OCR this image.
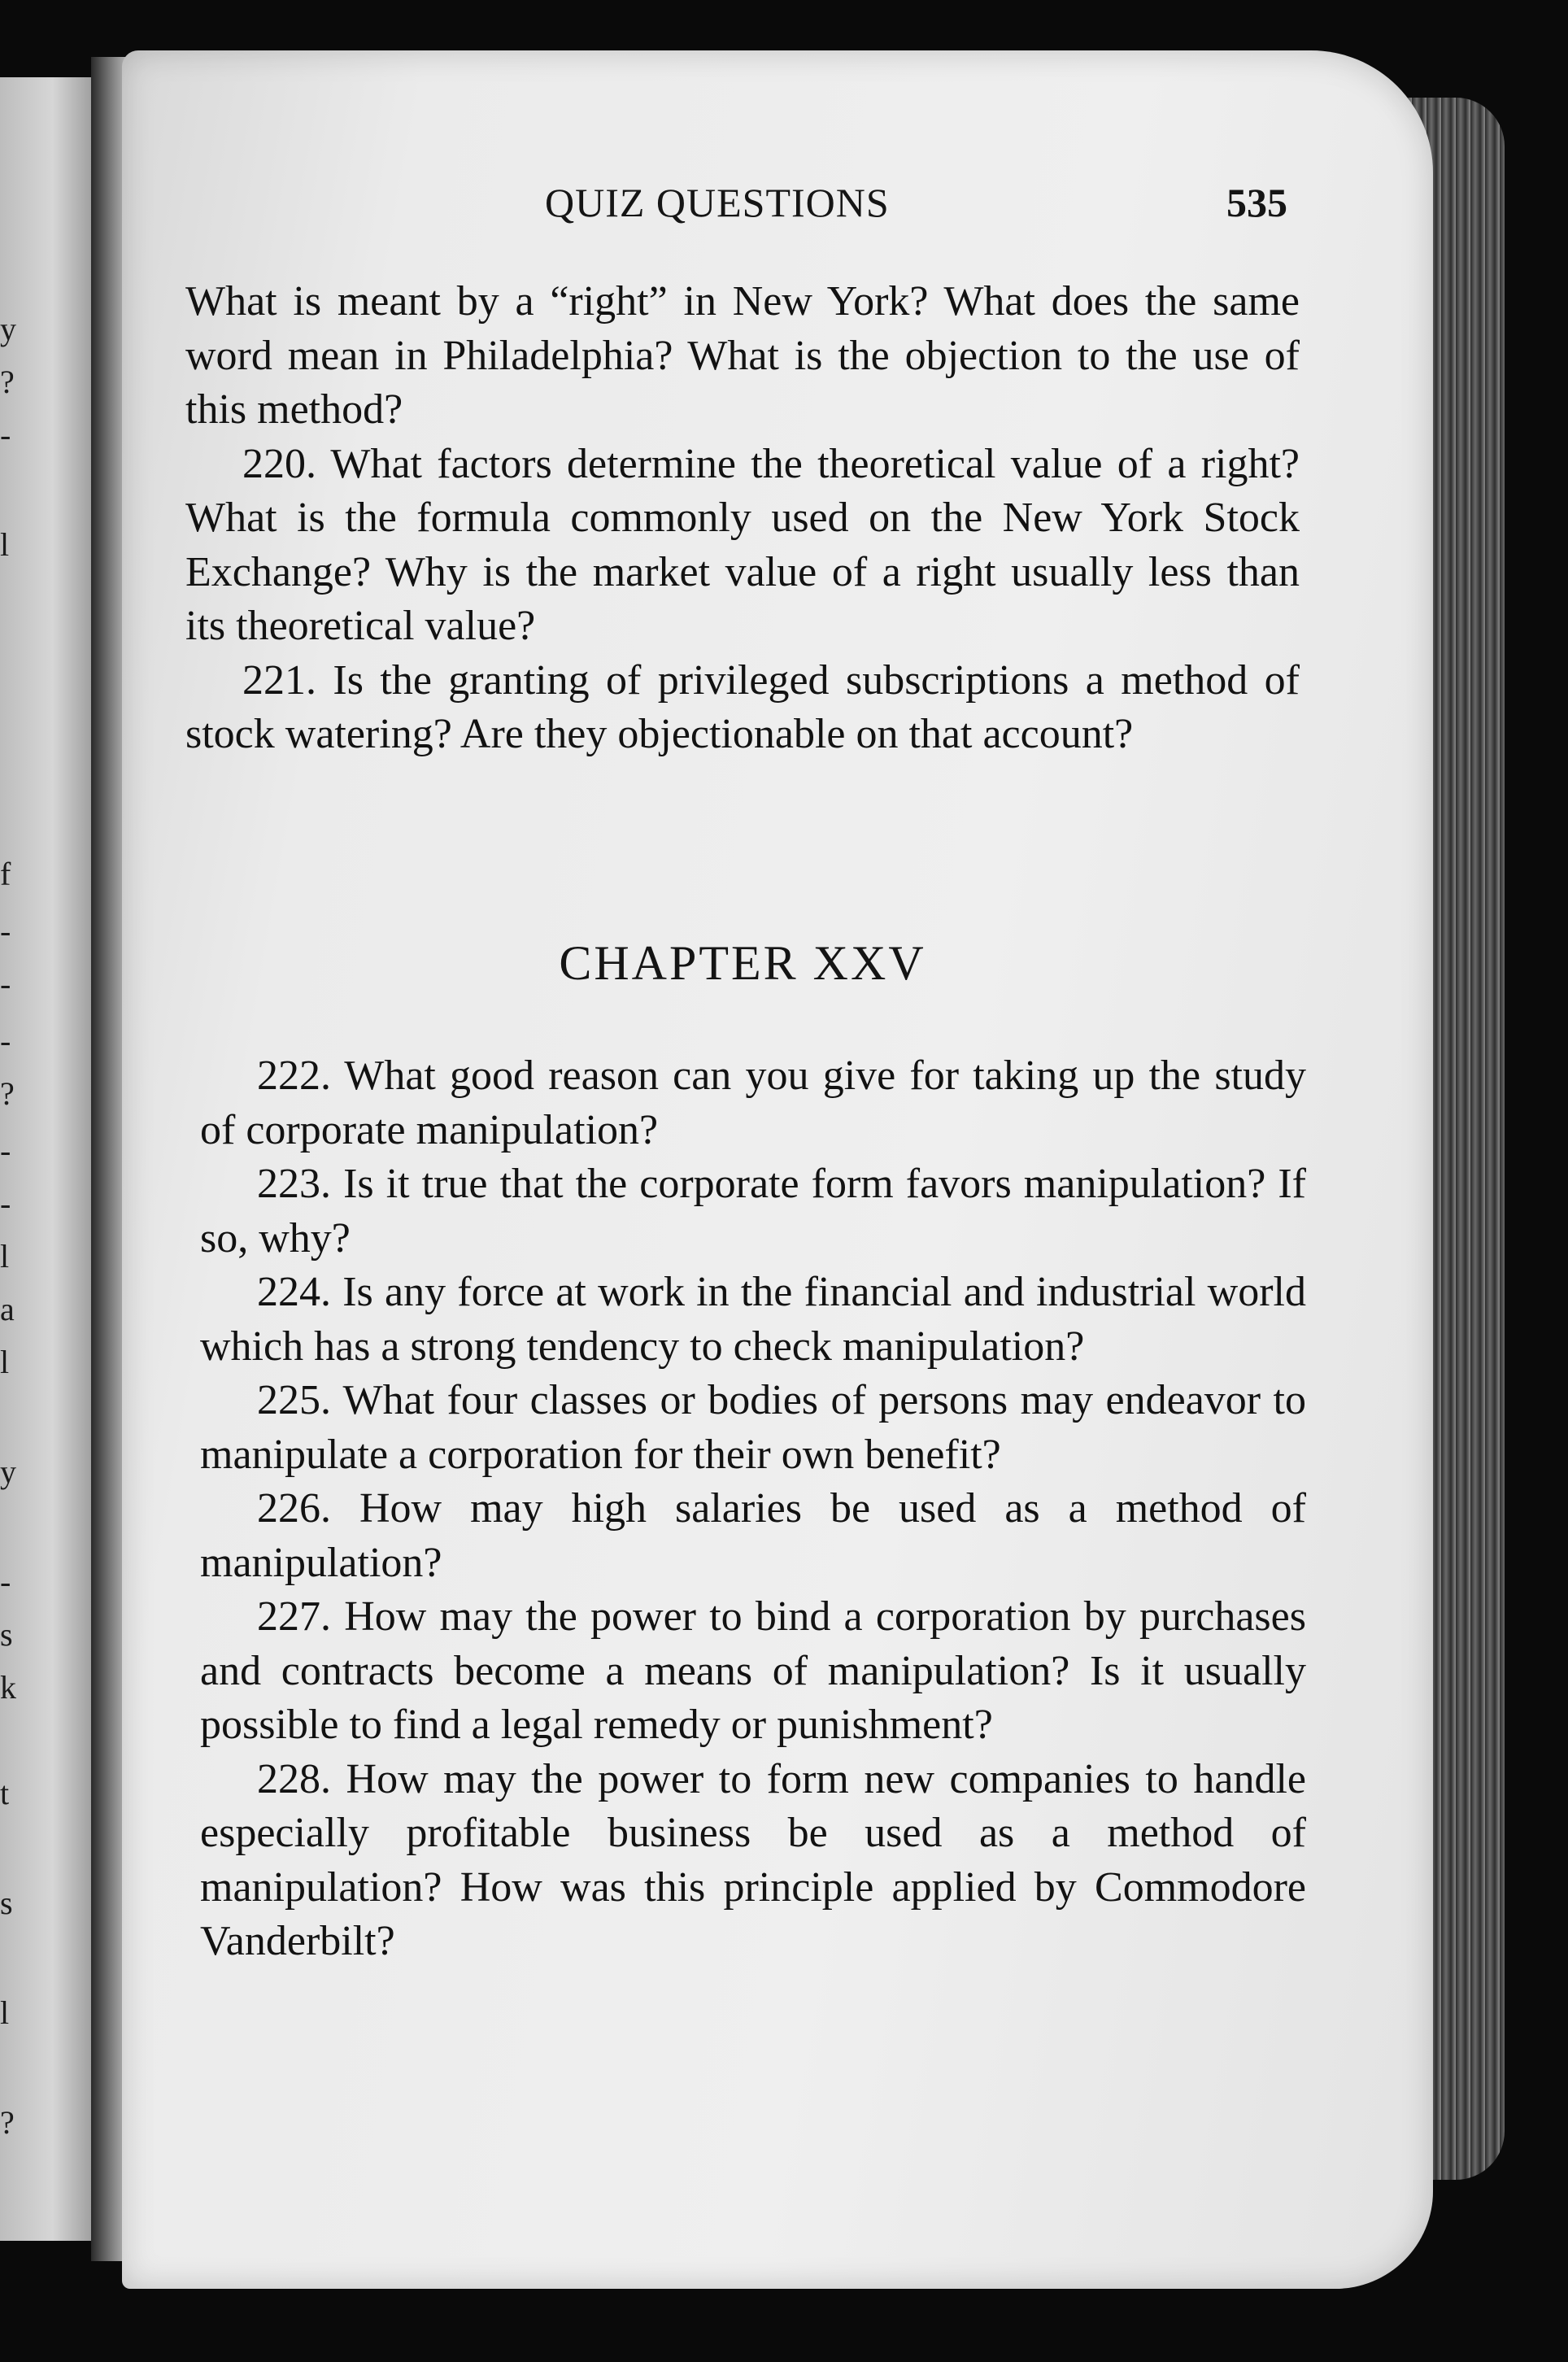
y
?
-
l
f
-
-
-
?
-
-
l
a
l
y
-
s
k
t
s
l
?
QUIZ QUESTIONS	535

What is meant by a “right” in New York? What does the same word mean in Philadelphia? What is the objection to the use of this method?

220. What factors determine the theoretical value of a right? What is the formula commonly used on the New York Stock Exchange? Why is the market value of a right usually less than its theoretical value?

221. Is the granting of privileged subscriptions a method of stock watering? Are they objectionable on that account?

CHAPTER XXV

222. What good reason can you give for taking up the study of corporate manipulation?

223. Is it true that the corporate form favors manipulation? If so, why?

224. Is any force at work in the financial and industrial world which has a strong tendency to check manipulation?

225. What four classes or bodies of persons may endeavor to manipulate a corporation for their own benefit?

226. How may high salaries be used as a method of manipulation?

227. How may the power to bind a corporation by purchases and contracts become a means of manipulation? Is it usually possible to find a legal remedy or punishment?

228. How may the power to form new companies to handle especially profitable business be used as a method of manipulation? How was this principle applied by Commodore Vanderbilt?
